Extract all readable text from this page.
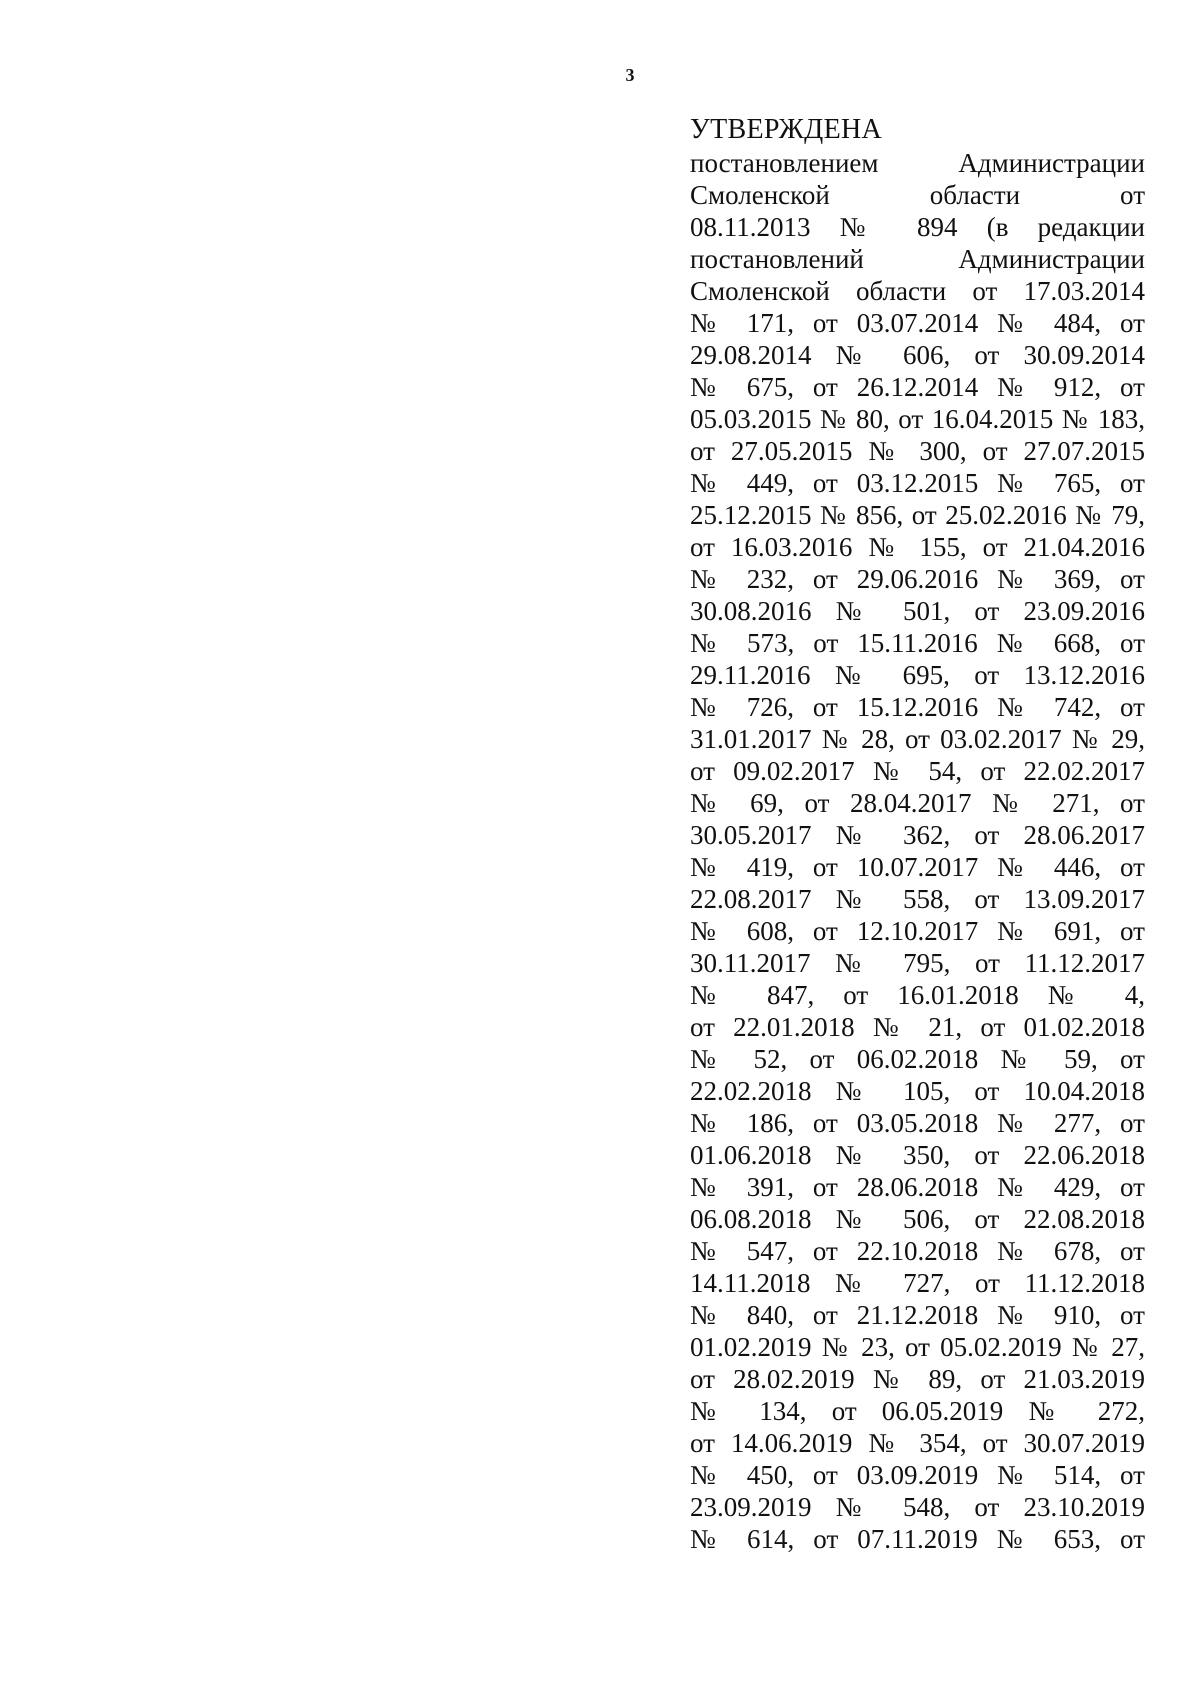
3
УТВЕРЖДЕНА
постановлением Администрации
Смоленской области от
08.11.2013 № 894 (в редакции
постановлений Администрации
Смоленской области от 17.03.2014
№ 171, от 03.07.2014 № 484, от
29.08.2014 № 606, от 30.09.2014
№ 675, от 26.12.2014 № 912, от
05.03.2015 № 80, от 16.04.2015 № 183,
от 27.05.2015 № 300, от 27.07.2015
№ 449, от 03.12.2015 № 765, от
25.12.2015 № 856, от 25.02.2016 № 79,
от 16.03.2016 № 155, от 21.04.2016
№ 232, от 29.06.2016 № 369, от
30.08.2016 № 501, от 23.09.2016
№ 573, от 15.11.2016 № 668, от
29.11.2016 № 695, от 13.12.2016
№ 726, от 15.12.2016 № 742, от
31.01.2017 № 28, от 03.02.2017 № 29,
от 09.02.2017 № 54, от 22.02.2017
№ 69, от 28.04.2017 № 271, от
30.05.2017 № 362, от 28.06.2017
№ 419, от 10.07.2017 № 446, от
22.08.2017 № 558, от 13.09.2017
№ 608, от 12.10.2017 № 691, от
30.11.2017 № 795, от 11.12.2017
№ 847, от 16.01.2018 № 4,
от 22.01.2018 № 21, от 01.02.2018
№ 52, от 06.02.2018 № 59, от
22.02.2018 № 105, от 10.04.2018
№ 186, от 03.05.2018 № 277, от
01.06.2018 № 350, от 22.06.2018
№ 391, от 28.06.2018 № 429, от
06.08.2018 № 506, от 22.08.2018
№ 547, от 22.10.2018 № 678, от
14.11.2018 № 727, от 11.12.2018
№ 840, от 21.12.2018 № 910, от
01.02.2019 № 23, от 05.02.2019 № 27,
от 28.02.2019 № 89, от 21.03.2019
№ 134, от 06.05.2019 № 272,
от 14.06.2019 № 354, от 30.07.2019
№ 450, от 03.09.2019 № 514, от
23.09.2019 № 548, от 23.10.2019
№ 614, от 07.11.2019 № 653, от
